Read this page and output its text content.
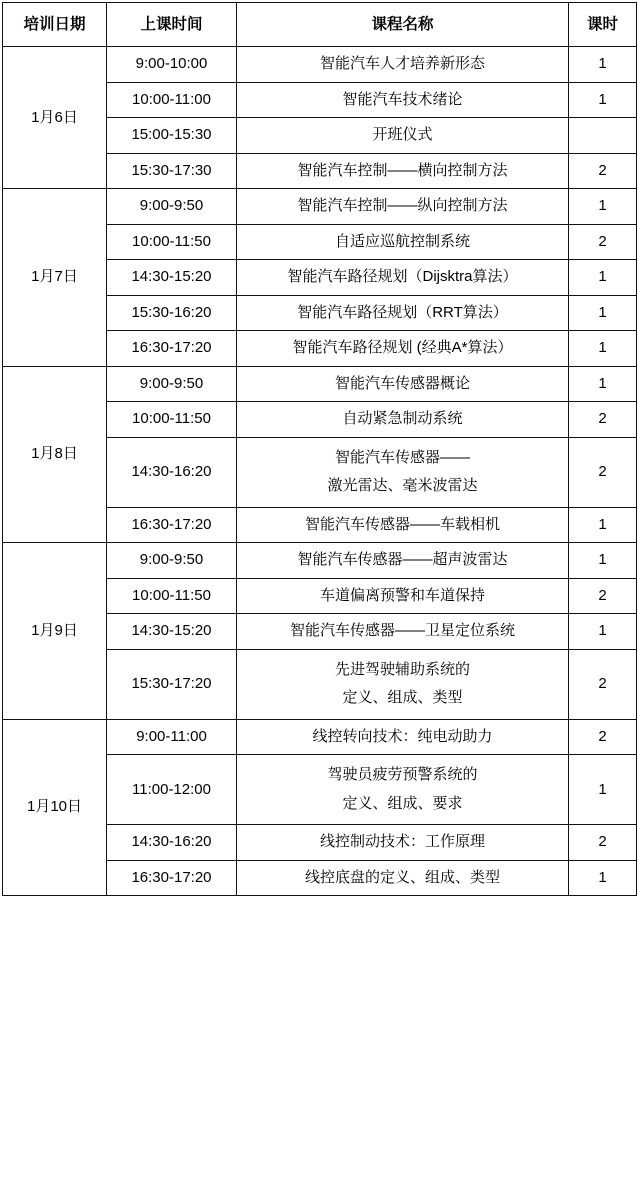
培训日期	上课时间	课程名称	课时
1月6日	9:00-10:00	智能汽车人才培养新形态	1
	10:00-11:00	智能汽车技术绪论	1
	15:00-15:30	开班仪式	
	15:30-17:30	智能汽车控制——横向控制方法	2
1月7日	9:00-9:50	智能汽车控制——纵向控制方法	1
	10:00-11:50	自适应巡航控制系统	2
	14:30-15:20	智能汽车路径规划（Dijsktra算法）	1
	15:30-16:20	智能汽车路径规划（RRT算法）	1
	16:30-17:20	智能汽车路径规划 (经典A*算法）	1
1月8日	9:00-9:50	智能汽车传感器概论	1
	10:00-11:50	自动紧急制动系统	2
	14:30-16:20	智能汽车传感器——
激光雷达、毫米波雷达	2
	16:30-17:20	智能汽车传感器——车载相机	1
1月9日	9:00-9:50	智能汽车传感器——超声波雷达	1
	10:00-11:50	车道偏离预警和车道保持	2
	14:30-15:20	智能汽车传感器——卫星定位系统	1
	15:30-17:20	先进驾驶辅助系统的
定义、组成、类型	2
1月10日	9:00-11:00	线控转向技术：纯电动助力	2
	11:00-12:00	驾驶员疲劳预警系统的
定义、组成、要求	1
	14:30-16:20	线控制动技术：工作原理	2
	16:30-17:20	线控底盘的定义、组成、类型	1
